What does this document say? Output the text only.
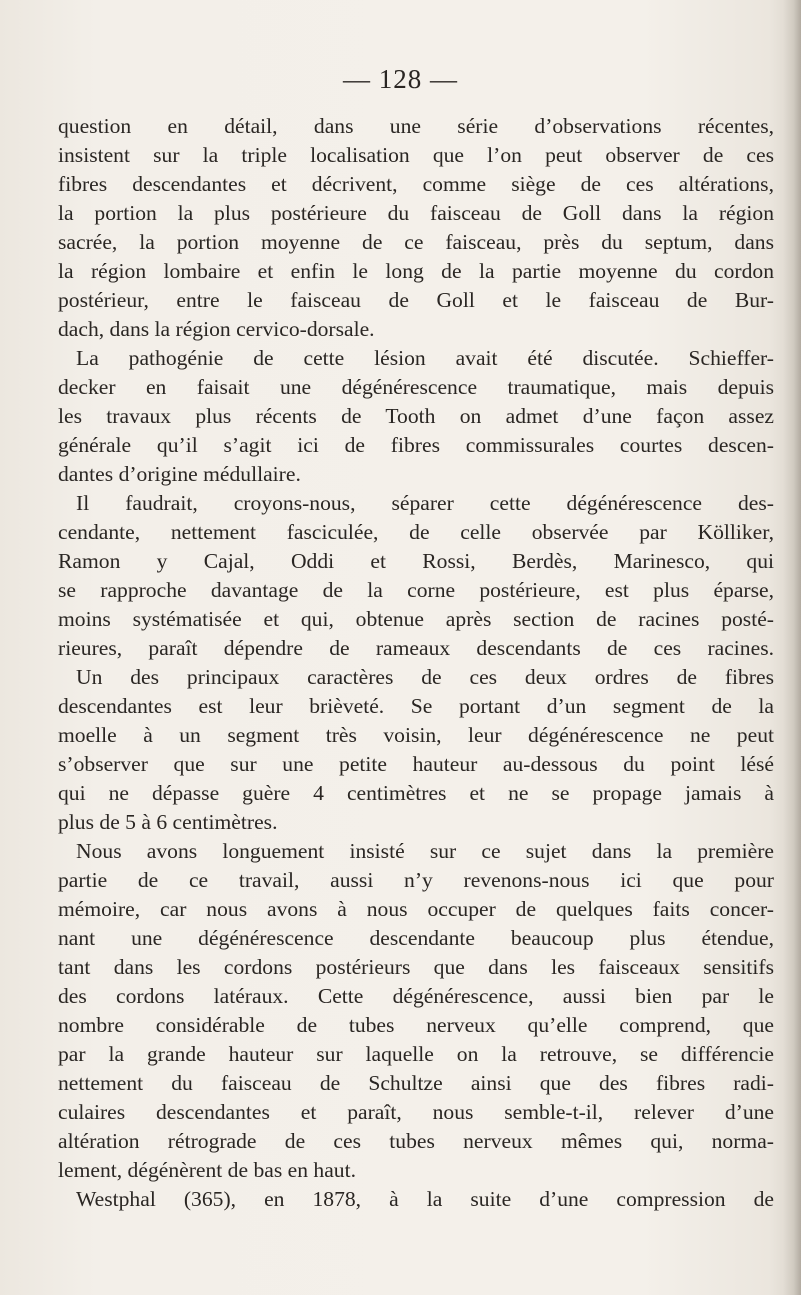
— 128 —
question en détail, dans une série d’observations récentes,
insistent sur la triple localisation que l’on peut observer de ces
fibres descendantes et décrivent, comme siège de ces altérations,
la portion la plus postérieure du faisceau de Goll dans la région
sacrée, la portion moyenne de ce faisceau, près du septum, dans
la région lombaire et enfin le long de la partie moyenne du cordon
postérieur, entre le faisceau de Goll et le faisceau de Bur-
dach, dans la région cervico-dorsale.
La pathogénie de cette lésion avait été discutée. Schieffer-
decker en faisait une dégénérescence traumatique, mais depuis
les travaux plus récents de Tooth on admet d’une façon assez
générale qu’il s’agit ici de fibres commissurales courtes descen-
dantes d’origine médullaire.
Il faudrait, croyons-nous, séparer cette dégénérescence des-
cendante, nettement fasciculée, de celle observée par Kölliker,
Ramon y Cajal, Oddi et Rossi, Berdès, Marinesco, qui
se rapproche davantage de la corne postérieure, est plus éparse,
moins systématisée et qui, obtenue après section de racines posté-
rieures, paraît dépendre de rameaux descendants de ces racines.
Un des principaux caractères de ces deux ordres de fibres
descendantes est leur brièveté. Se portant d’un segment de la
moelle à un segment très voisin, leur dégénérescence ne peut
s’observer que sur une petite hauteur au-dessous du point lésé
qui ne dépasse guère 4 centimètres et ne se propage jamais à
plus de 5 à 6 centimètres.
Nous avons longuement insisté sur ce sujet dans la première
partie de ce travail, aussi n’y revenons-nous ici que pour
mémoire, car nous avons à nous occuper de quelques faits concer-
nant une dégénérescence descendante beaucoup plus étendue,
tant dans les cordons postérieurs que dans les faisceaux sensitifs
des cordons latéraux. Cette dégénérescence, aussi bien par le
nombre considérable de tubes nerveux qu’elle comprend, que
par la grande hauteur sur laquelle on la retrouve, se différencie
nettement du faisceau de Schultze ainsi que des fibres radi-
culaires descendantes et paraît, nous semble-t-il, relever d’une
altération rétrograde de ces tubes nerveux mêmes qui, norma-
lement, dégénèrent de bas en haut.
Westphal (365), en 1878, à la suite d’une compression de
